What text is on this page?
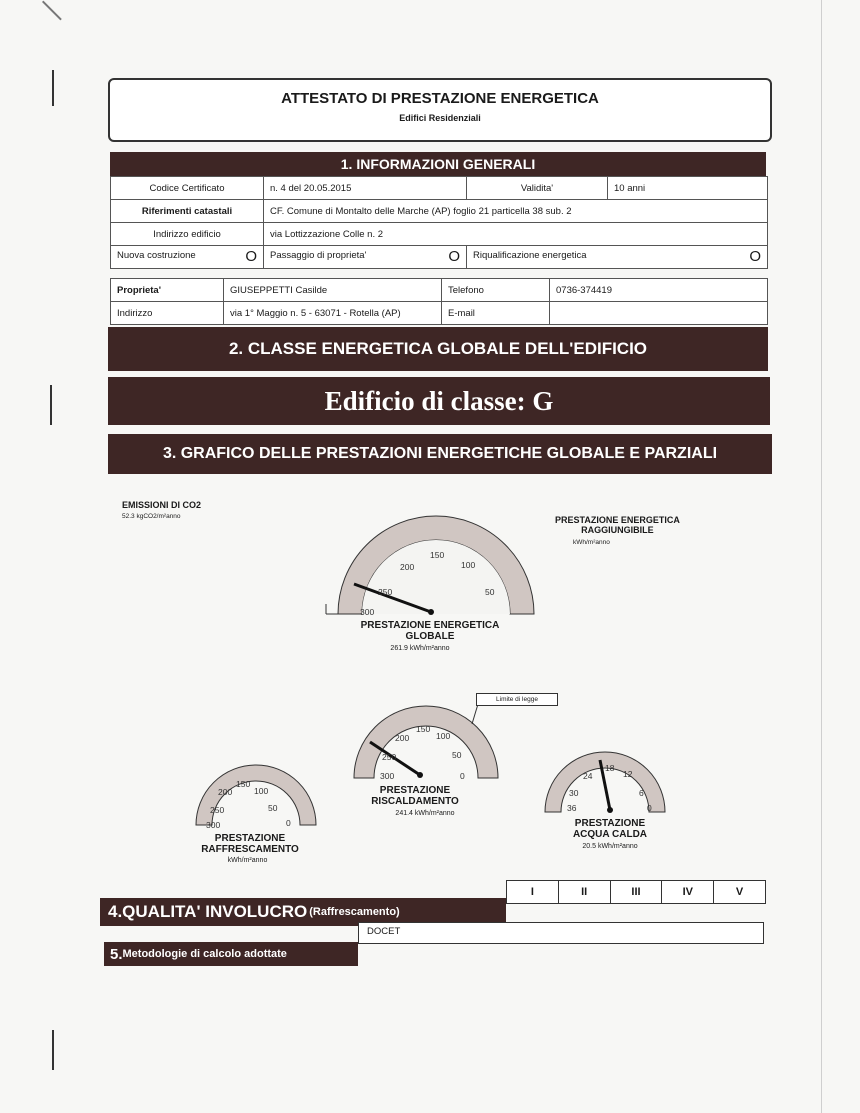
ATTESTATO DI PRESTAZIONE ENERGETICA
Edifici Residenziali
1. INFORMAZIONI GENERALI
Codice Certificato	n. 4 del 20.05.2015	Validita'	10 anni
Riferimenti catastali	CF. Comune di Montalto delle Marche (AP) foglio 21 particella 38 sub. 2		
Indirizzo edificio	via Lottizzazione Colle n. 2		
Nuova costruzione O	Passaggio di proprieta' O	Riqualificazione energetica O	
Proprieta'	GIUSEPPETTI Casilde	Telefono	0736-374419
Indirizzo	via 1° Maggio n. 5 - 63071 - Rotella (AP)	E-mail	
2. CLASSE ENERGETICA GLOBALE DELL'EDIFICIO
Edificio di classe: G
3. GRAFICO DELLE PRESTAZIONI ENERGETICHE GLOBALE E PARZIALI
EMISSIONI DI CO2
52.3 kgCO2/m²anno	PRESTAZIONE ENERGETICA
RAGGIUNGIBILE
kWh/m²anno
300
250
200
150
100
50
PRESTAZIONE ENERGETICA
GLOBALE
261.9 kWh/m²anno
Limite di legge
300
250
200
150
100
50
0
PRESTAZIONE
RISCALDAMENTO
241.4 kWh/m²anno
300
250
200
150
100
50
0
PRESTAZIONE
RAFFRESCAMENTO
kWh/m²anno
36
30
24
18
12
6
0
PRESTAZIONE
ACQUA CALDA
20.5 kWh/m²anno
4.QUALITA' INVOLUCRO (Raffrescamento)
I	II	III	IV	V
5. Metodologie di calcolo adottate
DOCET
